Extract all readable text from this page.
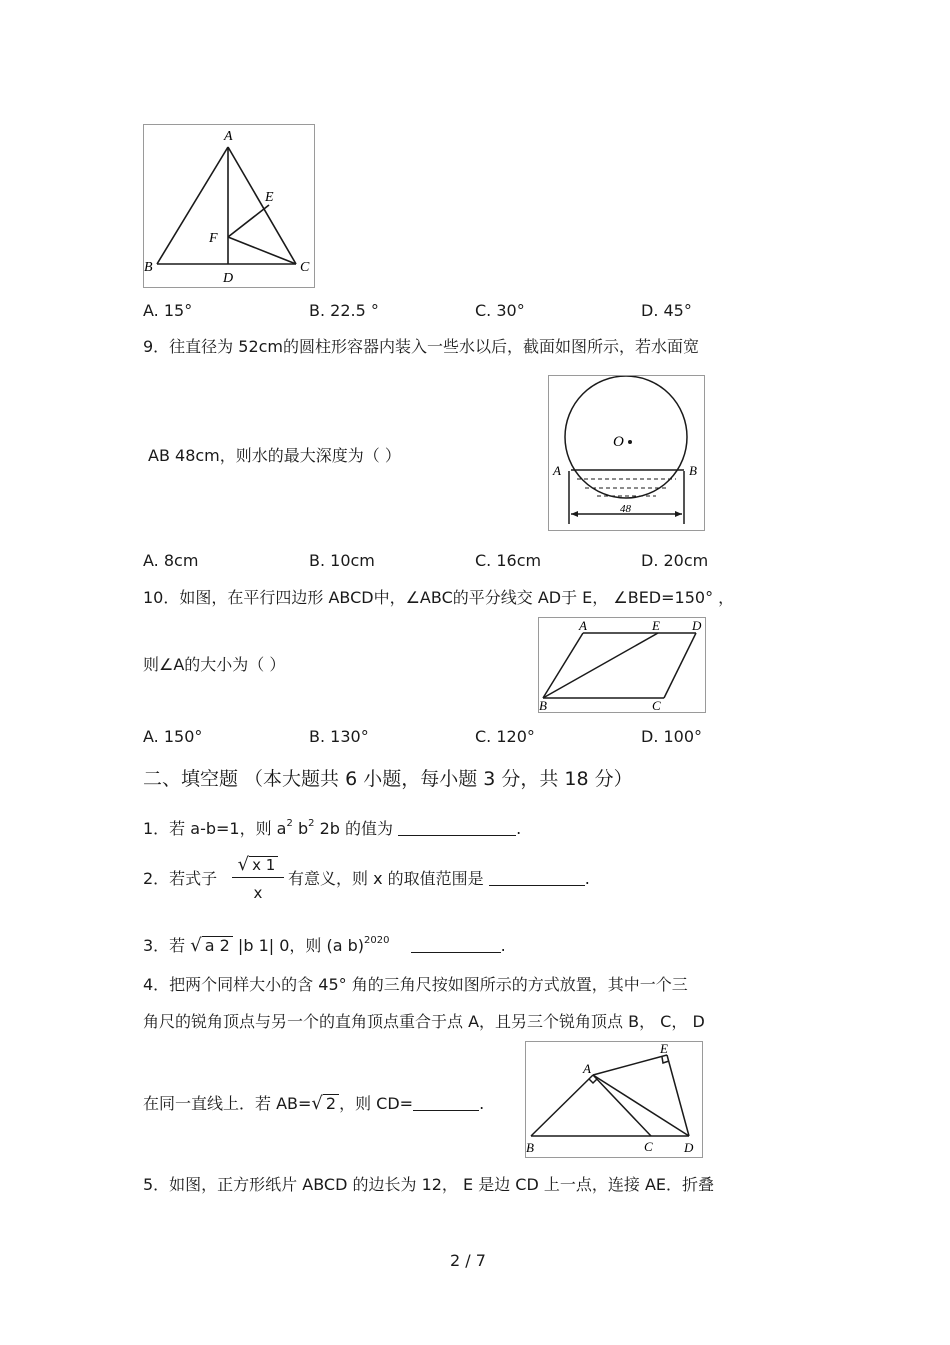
A
B	C
D
E
F
A. 15°	B. 22.5 °	C. 30°	D. 45°
9．往直径为 52cm的圆柱形容器内装入一些水以后，截面如图所示，若水面宽
O
A	B
48
AB 48cm，则水的最大深度为（ ）
A. 8cm	B. 10cm	C. 16cm	D. 20cm
10．如图，在平行四边形 ABCD中，∠ABC的平分线交 AD于 E， ∠BED=150° ，
A	E D
B	C
则∠A的大小为（ ）
A. 150°	B. 130°	C. 120°	D. 100°
二、填空题 （本大题共 6 小题，每小题 3 分，共 18 分）
1．若 a-b=1，则 $a^2$ $b^2$ 2b 的值为	.
2．若式子 $\frac{√ x 1}{x}$ 有意义，则 x 的取值范围是	.
3．若 √ a 2 |b 1| 0，则 (a b)$^{2020}$	.
4．把两个同样大小的含 45° 角的三角尺按如图所示的方式放置，其中一个三
角尺的锐角顶点与另一个的直角顶点重合于点 A，且另三个锐角顶点 B， C， D
A
E
B	C D
在同一直线上．若 AB=√ 2 ，则 CD=	.
5．如图，正方形纸片 ABCD 的边长为 12， E 是边 CD 上一点，连接 AE．折叠
2 / 7
